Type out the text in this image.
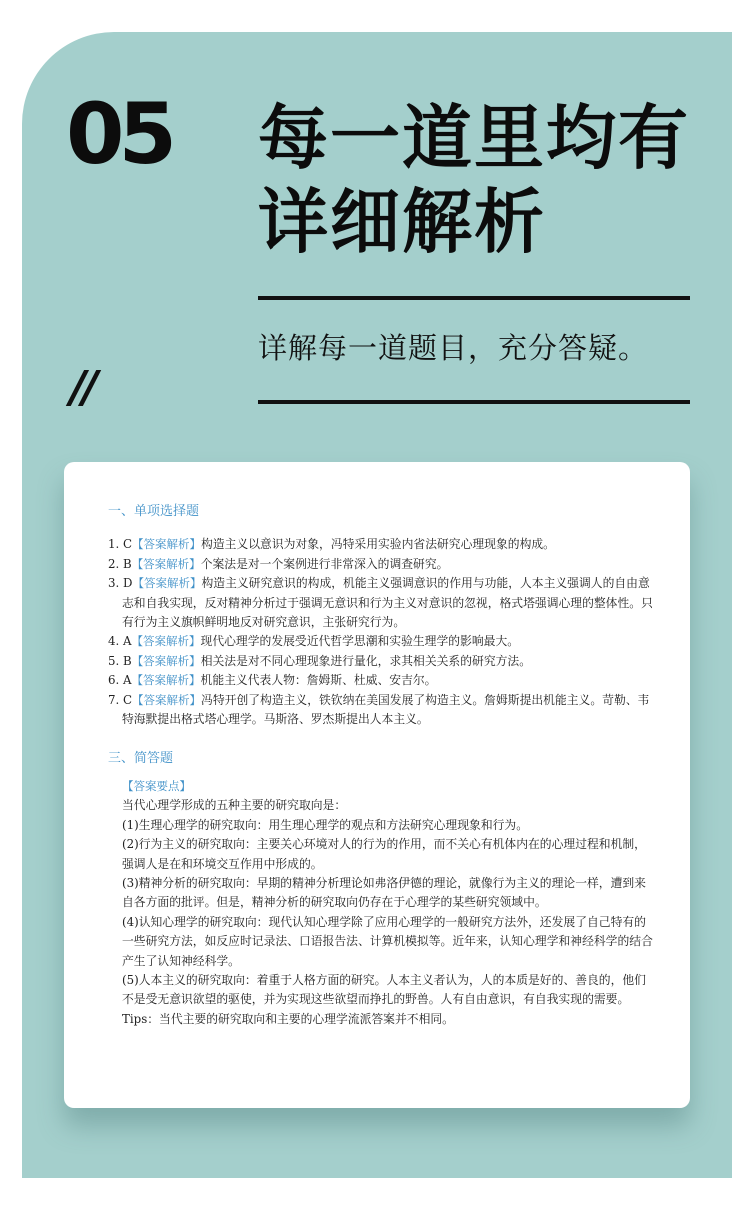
05 每一道里均有
详细解析
详解每一道题目，充分答疑。
//
一、单项选择题

1. C【答案解析】构造主义以意识为对象，冯特采用实验内省法研究心理现象的构成。

2. B【答案解析】个案法是对一个案例进行非常深入的调查研究。

3. D【答案解析】构造主义研究意识的构成，机能主义强调意识的作用与功能，人本主义强调人的自由意志和自我实现，反对精神分析过于强调无意识和行为主义对意识的忽视，格式塔强调心理的整体性。只有行为主义旗帜鲜明地反对研究意识，主张研究行为。

4. A【答案解析】现代心理学的发展受近代哲学思潮和实验生理学的影响最大。

5. B【答案解析】相关法是对不同心理现象进行量化，求其相关关系的研究方法。

6. A【答案解析】机能主义代表人物：詹姆斯、杜威、安吉尔。

7. C【答案解析】冯特开创了构造主义，铁钦纳在美国发展了构造主义。詹姆斯提出机能主义。苛勒、韦特海默提出格式塔心理学。马斯洛、罗杰斯提出人本主义。

三、简答题

【答案要点】

当代心理学形成的五种主要的研究取向是：

(1)生理心理学的研究取向：用生理心理学的观点和方法研究心理现象和行为。

(2)行为主义的研究取向：主要关心环境对人的行为的作用，而不关心有机体内在的心理过程和机制，强调人是在和环境交互作用中形成的。

(3)精神分析的研究取向：早期的精神分析理论如弗洛伊德的理论，就像行为主义的理论一样，遭到来自各方面的批评。但是，精神分析的研究取向仍存在于心理学的某些研究领域中。

(4)认知心理学的研究取向：现代认知心理学除了应用心理学的一般研究方法外，还发展了自己特有的一些研究方法，如反应时记录法、口语报告法、计算机模拟等。近年来，认知心理学和神经科学的结合产生了认知神经科学。

(5)人本主义的研究取向：着重于人格方面的研究。人本主义者认为，人的本质是好的、善良的，他们不是受无意识欲望的驱使，并为实现这些欲望而挣扎的野兽。人有自由意识，有自我实现的需要。

Tips：当代主要的研究取向和主要的心理学流派答案并不相同。
